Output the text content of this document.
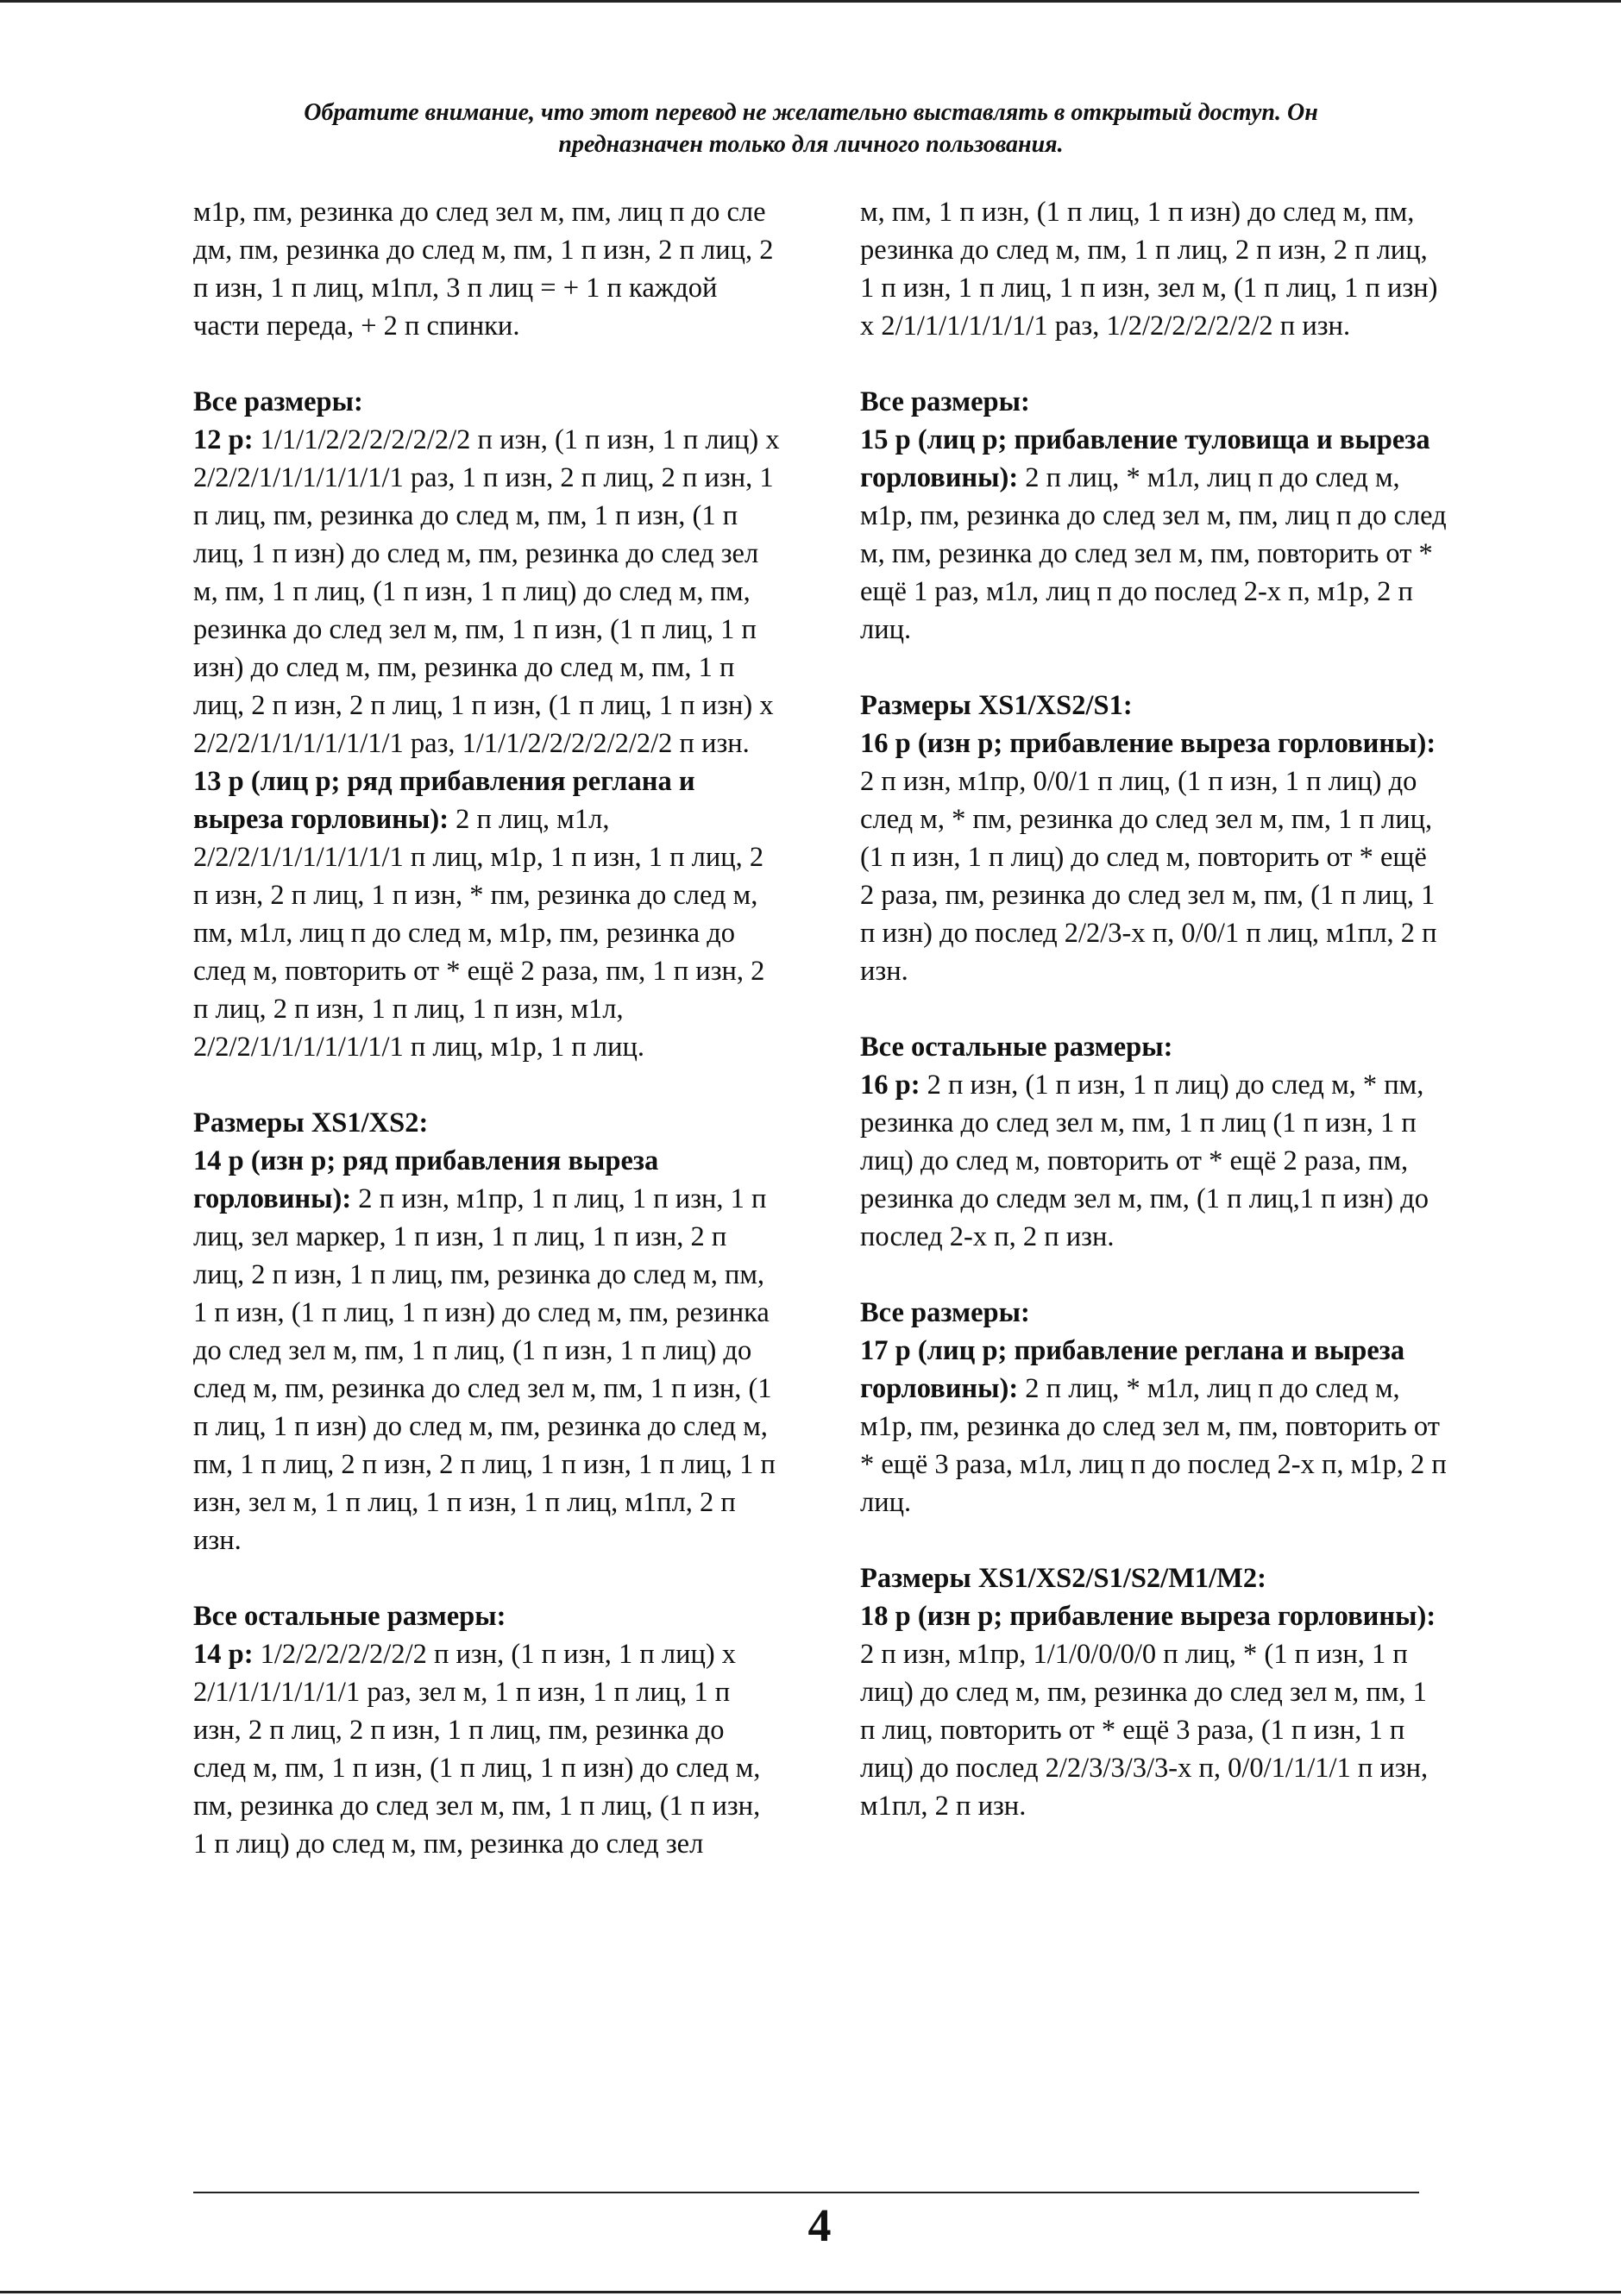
Обратите внимание, что этот перевод не желательно выставлять в открытый доступ. Он
предназначен только для личного пользования.

м1р, пм, резинка до след зел м, пм, лиц п до сле дм, пм, резинка до след м, пм, 1 п изн, 2 п лиц, 2 п изн, 1 п лиц, м1пл, 3 п лиц = + 1 п каждой части переда, + 2 п спинки.

Все размеры:

12 р: 1/1/1/2/2/2/2/2/2/2 п изн, (1 п изн, 1 п лиц) х 2/2/2/1/1/1/1/1/1/1 раз, 1 п изн, 2 п лиц, 2 п изн, 1 п лиц, пм, резинка до след м, пм, 1 п изн, (1 п лиц, 1 п изн) до след м, пм, резинка до след зел м, пм, 1 п лиц, (1 п изн, 1 п лиц) до след м, пм, резинка до след зел м, пм, 1 п изн, (1 п лиц, 1 п изн) до след м, пм, резинка до след м, пм, 1 п лиц, 2 п изн, 2 п лиц, 1 п изн, (1 п лиц, 1 п изн) х 2/2/2/1/1/1/1/1/1/1 раз, 1/1/1/2/2/2/2/2/2/2 п изн.

13 р (лиц р; ряд прибавления реглана и выреза горловины): 2 п лиц, м1л, 2/2/2/1/1/1/1/1/1/1 п лиц, м1р, 1 п изн, 1 п лиц, 2 п изн, 2 п лиц, 1 п изн, * пм, резинка до след м, пм, м1л, лиц п до след м, м1р, пм, резинка до след м, повторить от * ещё 2 раза, пм, 1 п изн, 2 п лиц, 2 п изн, 1 п лиц, 1 п изн, м1л, 2/2/2/1/1/1/1/1/1/1 п лиц, м1р, 1 п лиц.

Размеры XS1/XS2:

14 р (изн р; ряд прибавления выреза горловины): 2 п изн, м1пр, 1 п лиц, 1 п изн, 1 п лиц, зел маркер, 1 п изн, 1 п лиц, 1 п изн, 2 п лиц, 2 п изн, 1 п лиц, пм, резинка до след м, пм, 1 п изн, (1 п лиц, 1 п изн) до след м, пм, резинка до след зел м, пм, 1 п лиц, (1 п изн, 1 п лиц) до след м, пм, резинка до след зел м, пм, 1 п изн, (1 п лиц, 1 п изн) до след м, пм, резинка до след м, пм, 1 п лиц, 2 п изн, 2 п лиц, 1 п изн, 1 п лиц, 1 п изн, зел м, 1 п лиц, 1 п изн, 1 п лиц, м1пл, 2 п изн.

Все остальные размеры:

14 р: 1/2/2/2/2/2/2/2 п изн, (1 п изн, 1 п лиц) х 2/1/1/1/1/1/1/1 раз, зел м, 1 п изн, 1 п лиц, 1 п изн, 2 п лиц, 2 п изн, 1 п лиц, пм, резинка до след м, пм, 1 п изн, (1 п лиц, 1 п изн) до след м, пм, резинка до след зел м, пм, 1 п лиц, (1 п изн, 1 п лиц) до след м, пм, резинка до след зел

м, пм, 1 п изн, (1 п лиц, 1 п изн) до след м, пм, резинка до след м, пм, 1 п лиц, 2 п изн, 2 п лиц, 1 п изн, 1 п лиц, 1 п изн, зел м, (1 п лиц, 1 п изн) х 2/1/1/1/1/1/1/1 раз, 1/2/2/2/2/2/2/2 п изн.

Все размеры:

15 р (лиц р; прибавление туловища и выреза горловины): 2 п лиц, * м1л, лиц п до след м, м1р, пм, резинка до след зел м, пм, лиц п до след м, пм, резинка до след зел м, пм, повторить от * ещё 1 раз, м1л, лиц п до послед 2-х п, м1р, 2 п лиц.

Размеры XS1/XS2/S1:

16 р (изн р; прибавление выреза горловины): 2 п изн, м1пр, 0/0/1 п лиц, (1 п изн, 1 п лиц) до след м, * пм, резинка до след зел м, пм, 1 п лиц, (1 п изн, 1 п лиц) до след м, повторить от * ещё 2 раза, пм, резинка до след зел м, пм, (1 п лиц, 1 п изн) до послед 2/2/3-х п, 0/0/1 п лиц, м1пл, 2 п изн.

Все остальные размеры:

16 р: 2 п изн, (1 п изн, 1 п лиц) до след м, * пм, резинка до след зел м, пм, 1 п лиц (1 п изн, 1 п лиц) до след м, повторить от * ещё 2 раза, пм, резинка до следм зел м, пм, (1 п лиц,1 п изн) до послед 2-х п, 2 п изн.

Все размеры:

17 р (лиц р; прибавление реглана и выреза горловины): 2 п лиц, * м1л, лиц п до след м, м1р, пм, резинка до след зел м, пм, повторить от * ещё 3 раза, м1л, лиц п до послед 2-х п, м1р, 2 п лиц.

Размеры XS1/XS2/S1/S2/M1/M2:

18 р (изн р; прибавление выреза горловины): 2 п изн, м1пр, 1/1/0/0/0/0 п лиц, * (1 п изн, 1 п лиц) до след м, пм, резинка до след зел м, пм, 1 п лиц, повторить от * ещё 3 раза, (1 п изн, 1 п лиц) до послед 2/2/3/3/3/3-х п, 0/0/1/1/1/1 п изн, м1пл, 2 п изн.

4
